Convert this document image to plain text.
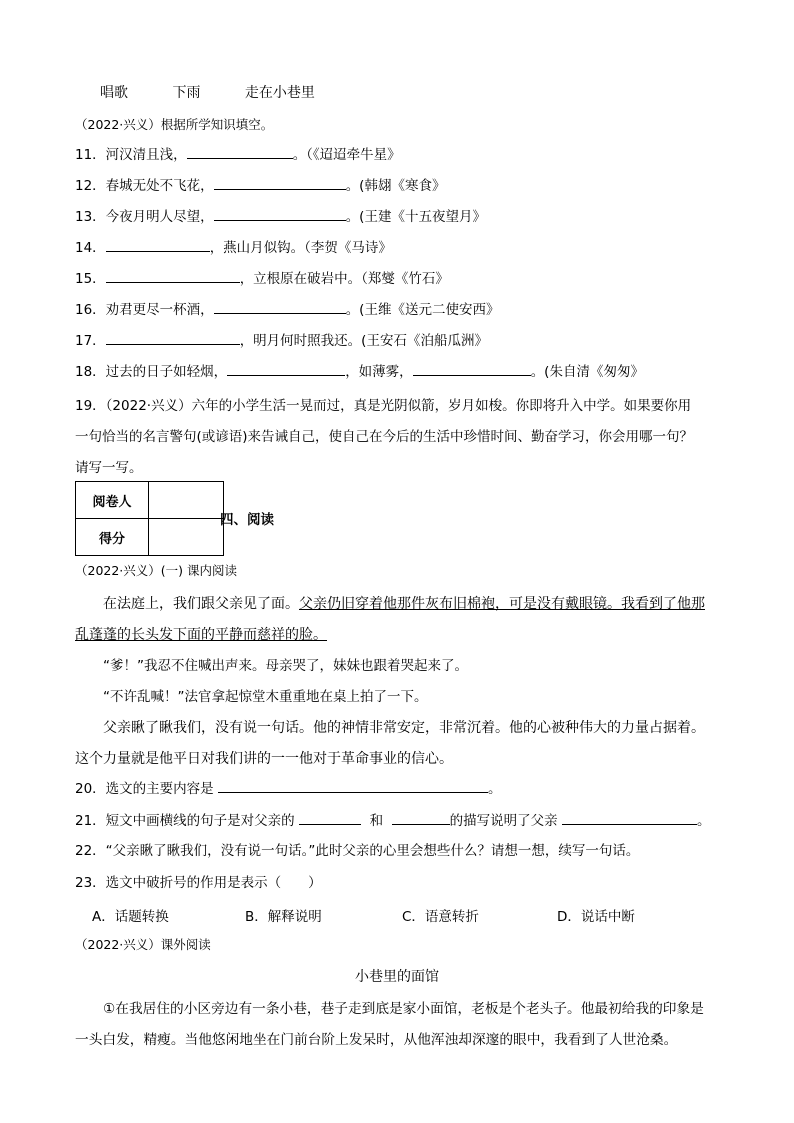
唱歌	下雨	走在小巷里
（2022·兴义）根据所学知识填空。
11．河汉清且浅，	。（《迢迢牵牛星》
12．春城无处不飞花，	。(韩翃《寒食》
13．今夜月明人尽望，	。(王建《十五夜望月》
14．	，燕山月似钩。（李贺《马诗》
15．	，立根原在破岩中。（郑燮《竹石》
16．劝君更尽一杯酒，	。(王维《送元二使安西》
17．	，明月何时照我还。(王安石《泊船瓜洲》
18．过去的日子如轻烟，	，如薄雾，	。(朱自清《匆匆》
19．（2022·兴义）六年的小学生活一晃而过，真是光阴似箭，岁月如梭。你即将升入中学。如果要你用
一句恰当的名言警句(或谚语)来告诫自己，使自己在今后的生活中珍惜时间、勤奋学习，你会用哪一句？
请写一写。
阅卷人	
得分	
四、阅读
（2022·兴义）(一) 课内阅读
在法庭上，我们跟父亲见了面。父亲仍旧穿着他那件灰布旧棉袍，可是没有戴眼镜。我看到了他那
乱蓬蓬的长头发下面的平静而慈祥的脸。
“爹！”我忍不住喊出声来。母亲哭了，妹妹也跟着哭起来了。
“不许乱喊！”法官拿起惊堂木重重地在桌上拍了一下。
父亲瞅了瞅我们，没有说一句话。他的神情非常安定，非常沉着。他的心被种伟大的力量占据着。
这个力量就是他平日对我们讲的一一他对于革命事业的信心。
20．选文的主要内容是	。
21．短文中画横线的句子是对父亲的	和	的描写说明了父亲	。
22．“父亲瞅了瞅我们，没有说一句话。”此时父亲的心里会想些什么？请想一想，续写一句话。
23．选文中破折号的作用是表示（　　）
A．话题转换	B．解释说明	C．语意转折	D．说话中断
（2022·兴义）课外阅读
小巷里的面馆
①在我居住的小区旁边有一条小巷，巷子走到底是家小面馆，老板是个老头子。他最初给我的印象是
一头白发，精瘦。当他悠闲地坐在门前台阶上发呆时，从他浑浊却深邃的眼中，我看到了人世沧桑。
